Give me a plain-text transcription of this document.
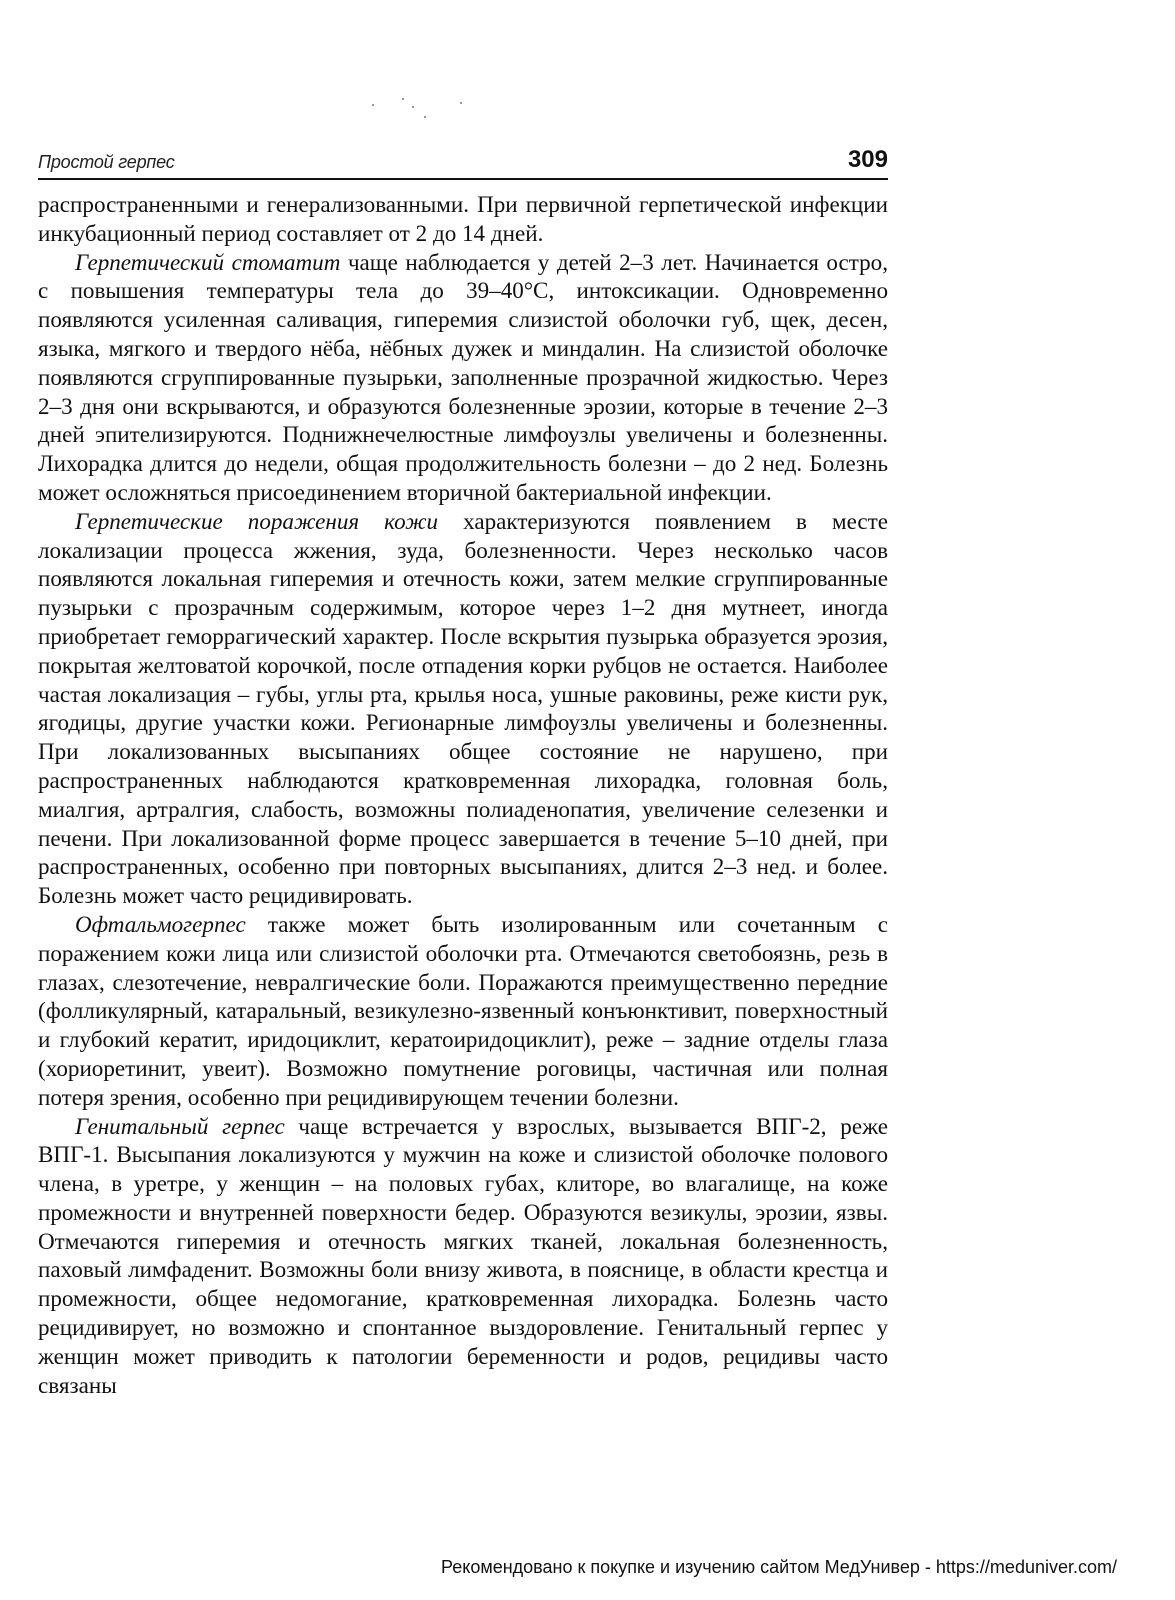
Простой герпес	309

распространенными и генерализованными. При первичной герпетической инфекции инкубационный период составляет от 2 до 14 дней.

Герпетический стоматит чаще наблюдается у детей 2–3 лет. Начинается остро, с повышения температуры тела до 39–40°С, интоксикации. Одновременно появляются усиленная саливация, гиперемия слизистой оболочки губ, щек, десен, языка, мягкого и твердого нёба, нёбных дужек и миндалин. На слизистой оболочке появляются сгруппированные пузырьки, заполненные прозрачной жидкостью. Через 2–3 дня они вскрываются, и образуются болезненные эрозии, которые в течение 2–3 дней эпителизируются. Поднижнечелюстные лимфоузлы увеличены и болезненны. Лихорадка длится до недели, общая продолжительность болезни – до 2 нед. Болезнь может осложняться присоединением вторичной бактериальной инфекции.

Герпетические поражения кожи характеризуются появлением в месте локализации процесса жжения, зуда, болезненности. Через несколько часов появляются локальная гиперемия и отечность кожи, затем мелкие сгруппированные пузырьки с прозрачным содержимым, которое через 1–2 дня мутнеет, иногда приобретает геморрагический характер. После вскрытия пузырька образуется эрозия, покрытая желтоватой корочкой, после отпадения корки рубцов не остается. Наиболее частая локализация – губы, углы рта, крылья носа, ушные раковины, реже кисти рук, ягодицы, другие участки кожи. Регионарные лимфоузлы увеличены и болезненны. При локализованных высыпаниях общее состояние не нарушено, при распространенных наблюдаются кратковременная лихорадка, головная боль, миалгия, артралгия, слабость, возможны полиаденопатия, увеличение селезенки и печени. При локализованной форме процесс завершается в течение 5–10 дней, при распространенных, особенно при повторных высыпаниях, длится 2–3 нед. и более. Болезнь может часто рецидивировать.

Офтальмогерпес также может быть изолированным или сочетанным с поражением кожи лица или слизистой оболочки рта. Отмечаются светобоязнь, резь в глазах, слезотечение, невралгические боли. Поражаются преимущественно передние (фолликулярный, катаральный, везикулезно-язвенный конъюнктивит, поверхностный и глубокий кератит, иридоциклит, кератоиридоциклит), реже – задние отделы глаза (хориоретинит, увеит). Возможно помутнение роговицы, частичная или полная потеря зрения, особенно при рецидивирующем течении болезни.

Генитальный герпес чаще встречается у взрослых, вызывается ВПГ-2, реже ВПГ-1. Высыпания локализуются у мужчин на коже и слизистой оболочке полового члена, в уретре, у женщин – на половых губах, клиторе, во влагалище, на коже промежности и внутренней поверхности бедер. Образуются везикулы, эрозии, язвы. Отмечаются гиперемия и отечность мягких тканей, локальная болезненность, паховый лимфаденит. Возможны боли внизу живота, в пояснице, в области крестца и промежности, общее недомогание, кратковременная лихорадка. Болезнь часто рецидивирует, но возможно и спонтанное выздоровление. Генитальный герпес у женщин может приводить к патологии беременности и родов, рецидивы часто связаны

Рекомендовано к покупке и изучению сайтом МедУнивер - https://meduniver.com/
